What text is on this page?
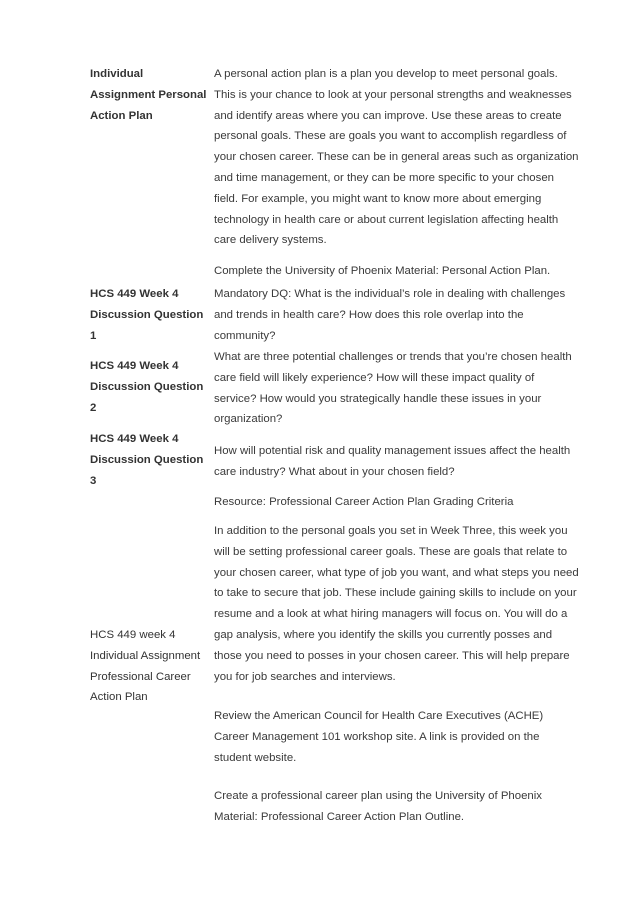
Individual
Assignment Personal
Action Plan
A personal action plan is a plan you develop to meet personal goals.
This is your chance to look at your personal strengths and weaknesses
and identify areas where you can improve. Use these areas to create
personal goals. These are goals you want to accomplish regardless of
your chosen career. These can be in general areas such as organization
and time management, or they can be more specific to your chosen
field. For example, you might want to know more about emerging
technology in health care or about current legislation affecting health
care delivery systems.
Complete the University of Phoenix Material: Personal Action Plan.
HCS 449 Week 4
Discussion Question
1
Mandatory DQ: What is the individual’s role in dealing with challenges
and trends in health care? How does this role overlap into the
community?
HCS 449 Week 4
Discussion Question
2
What are three potential challenges or trends that you’re chosen health
care field will likely experience? How will these impact quality of
service? How would you strategically handle these issues in your
organization?
HCS 449 Week 4
Discussion Question
3
How will potential risk and quality management issues affect the health
care industry? What about in your chosen field?
Resource: Professional Career Action Plan Grading Criteria
HCS 449 week 4
Individual Assignment
Professional Career
Action Plan
In addition to the personal goals you set in Week Three, this week you
will be setting professional career goals. These are goals that relate to
your chosen career, what type of job you want, and what steps you need
to take to secure that job. These include gaining skills to include on your
resume and a look at what hiring managers will focus on. You will do a
gap analysis, where you identify the skills you currently posses and
those you need to posses in your chosen career. This will help prepare
you for job searches and interviews.
Review the American Council for Health Care Executives (ACHE)
Career Management 101 workshop site. A link is provided on the
student website.
Create a professional career plan using the University of Phoenix
Material: Professional Career Action Plan Outline.
